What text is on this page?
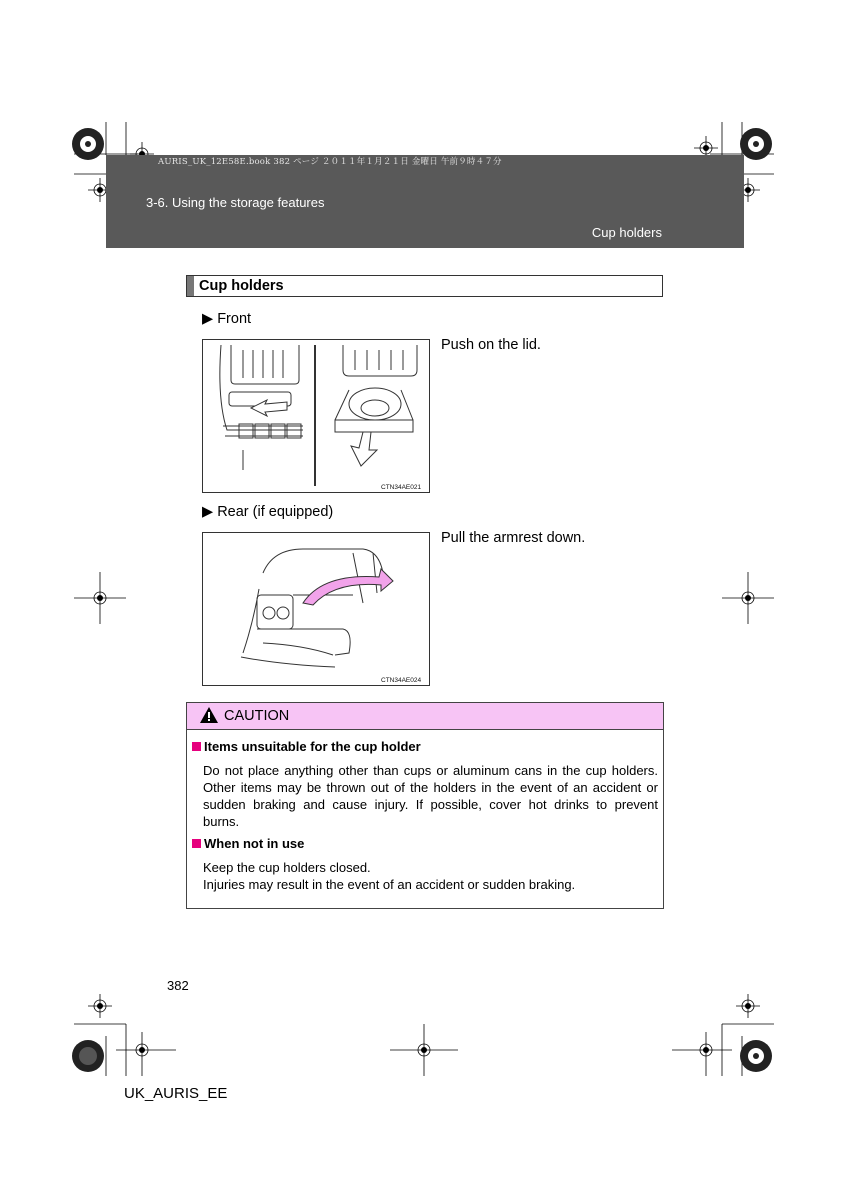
AURIS_UK_12E58E.book 382 ページ ２０１１年１月２１日 金曜日 午前９時４７分
3-6. Using the storage features
Cup holders
Cup holders
▶ Front
CTN34AE021
Push on the lid.
▶ Rear (if equipped)
CTN34AE024
Pull the armrest down.
CAUTION
Items unsuitable for the cup holder
Do not place anything other than cups or aluminum cans in the cup holders.
Other items may be thrown out of the holders in the event of an accident or
sudden braking and cause injury. If possible, cover hot drinks to prevent
burns.
When not in use
Keep the cup holders closed.
Injuries may result in the event of an accident or sudden braking.
382
UK_AURIS_EE
